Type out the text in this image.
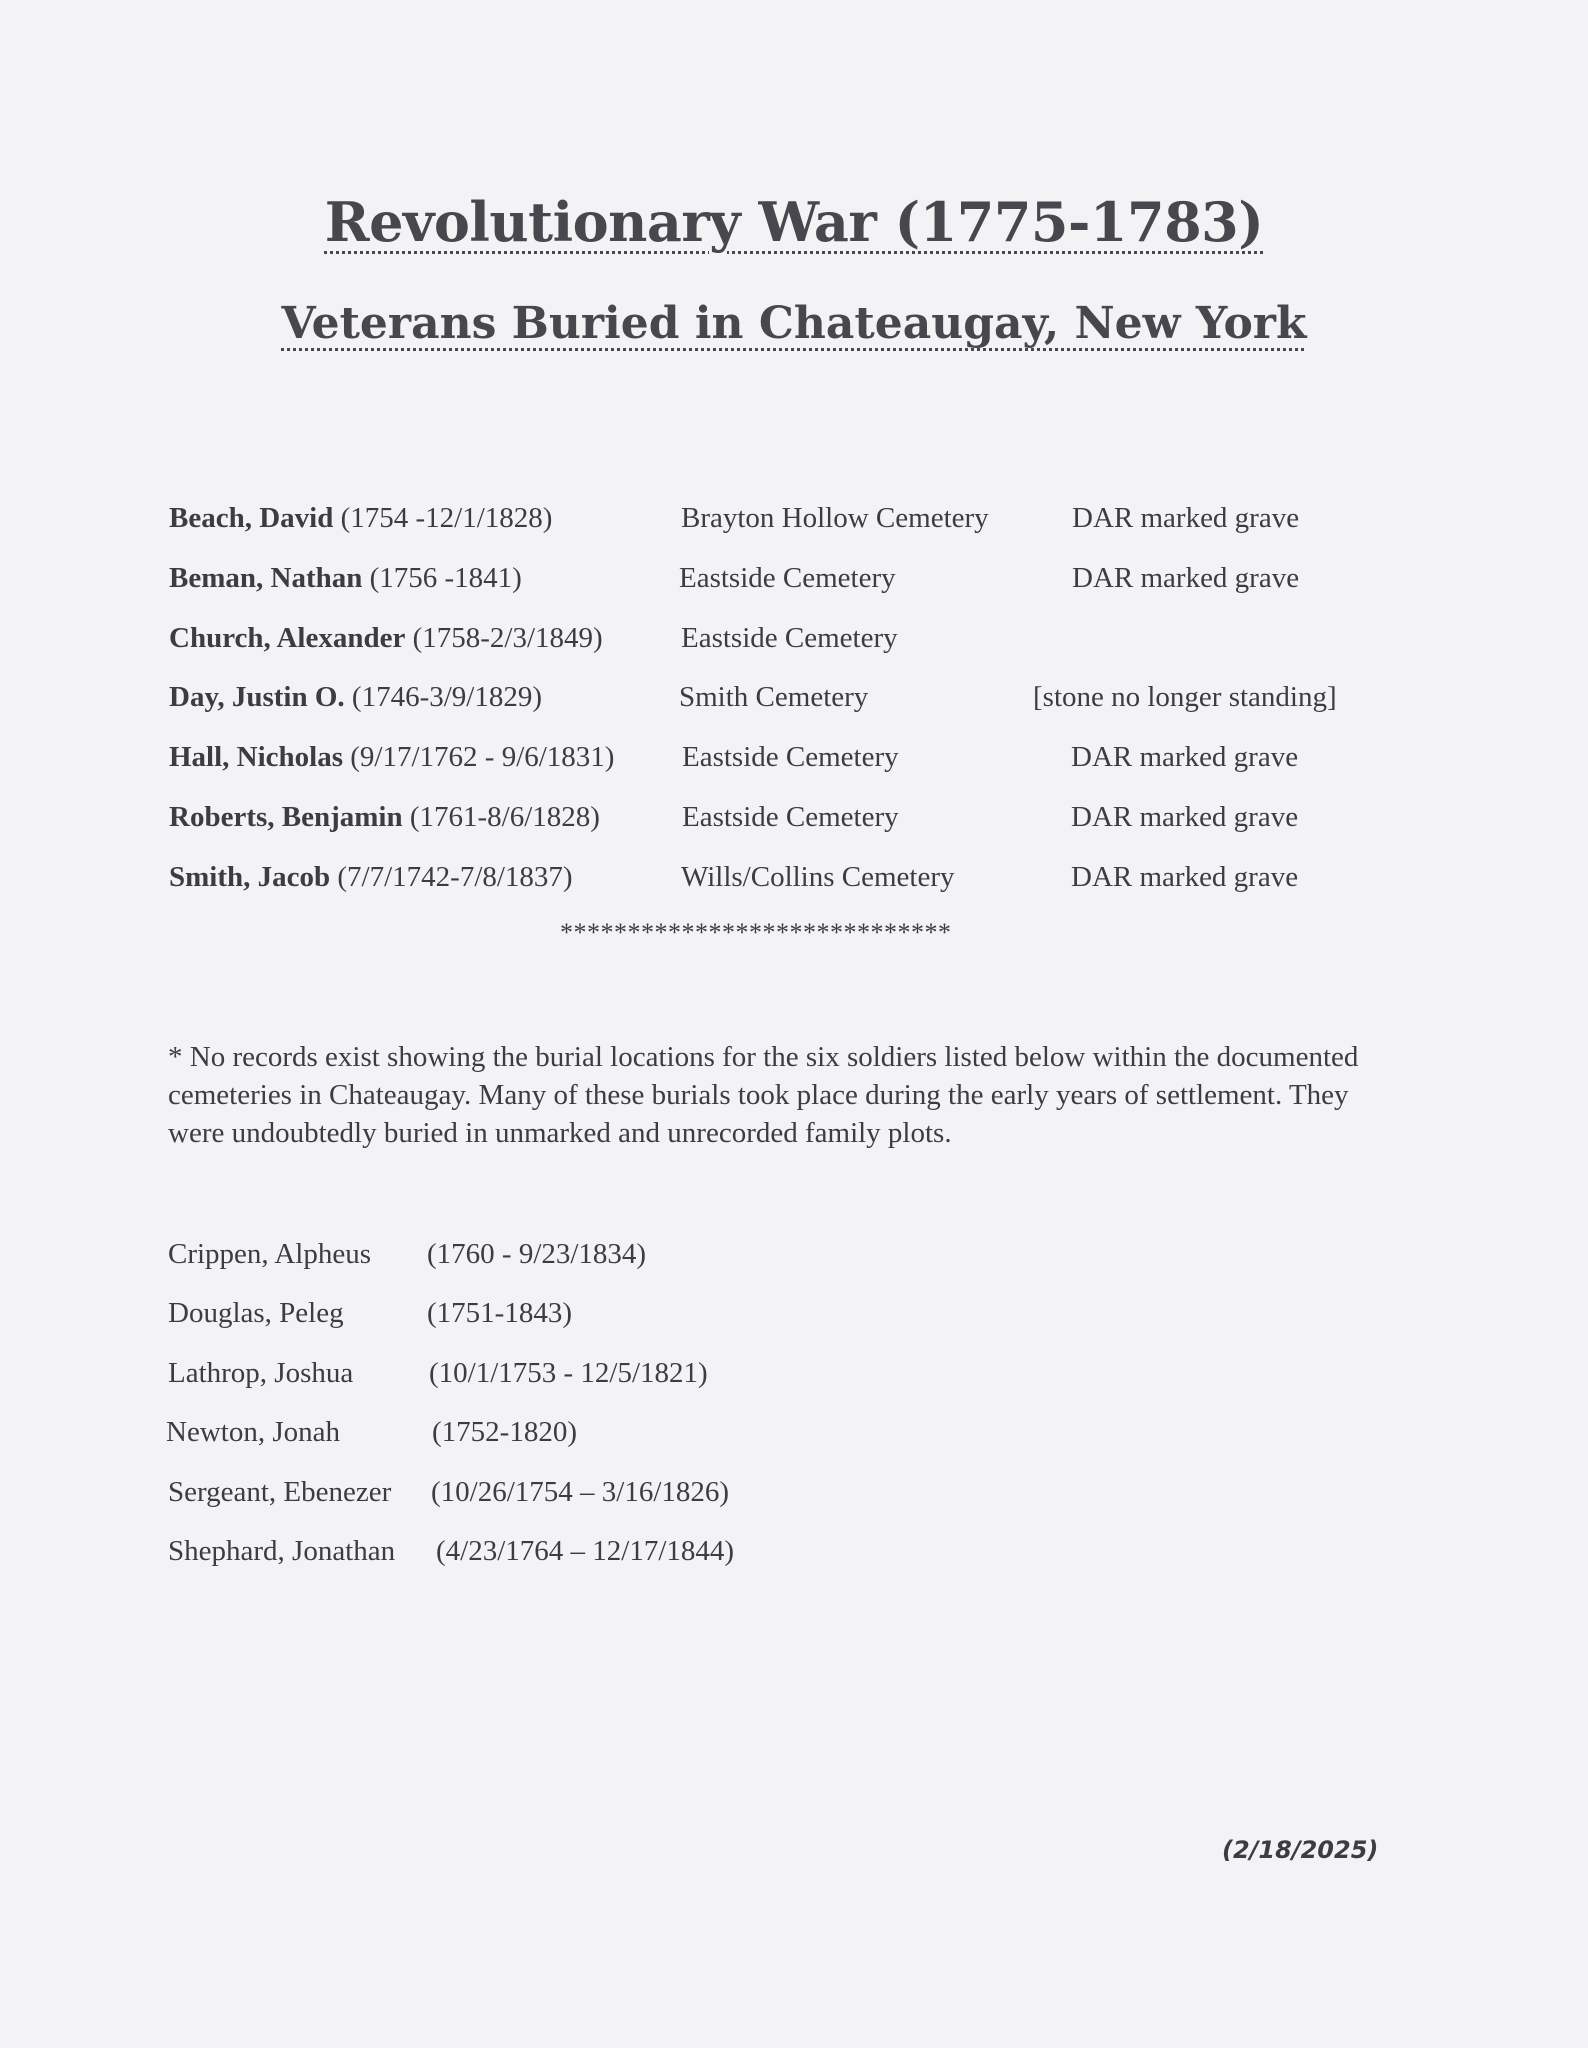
Revolutionary War (1775-1783)
Veterans Buried in Chateaugay, New York
Beach, David (1754 -12/1/1828)	Brayton Hollow Cemetery	DAR marked grave
Beman, Nathan (1756 -1841)	Eastside Cemetery	DAR marked grave
Church, Alexander (1758-2/3/1849)	Eastside Cemetery
Day, Justin O. (1746-3/9/1829)	Smith Cemetery	[stone no longer standing]
Hall, Nicholas (9/17/1762 - 9/6/1831) Eastside Cemetery	DAR marked grave
Roberts, Benjamin (1761-8/6/1828)	Eastside Cemetery	DAR marked grave
Smith, Jacob (7/7/1742-7/8/1837)	Wills/Collins Cemetery	DAR marked grave
*****************************
* No records exist showing the burial locations for the six soldiers listed below within the documented cemeteries in Chateaugay. Many of these burials took place during the early years of settlement. They were undoubtedly buried in unmarked and unrecorded family plots.
Crippen, Alpheus (1760 - 9/23/1834)
Douglas, Peleg	(1751-1843)
Lathrop, Joshua	(10/1/1753 - 12/5/1821)
Newton, Jonah	(1752-1820)
Sergeant, Ebenezer (10/26/1754 – 3/16/1826)
Shephard, Jonathan (4/23/1764 – 12/17/1844)
(2/18/2025)
